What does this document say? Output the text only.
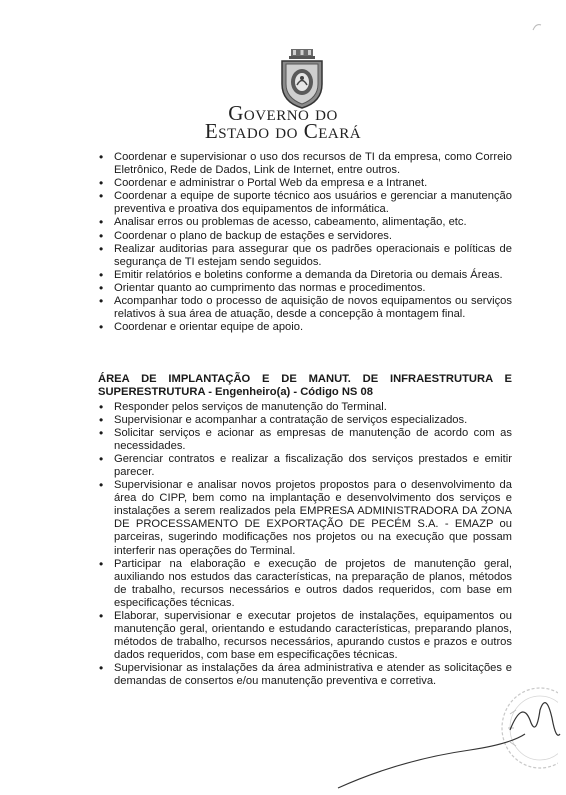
Governo do
Estado do Ceará
• Coordenar e supervisionar o uso dos recursos de TI da empresa, como Correio Eletrônico, Rede de Dados, Link de Internet, entre outros.
• Coordenar e administrar o Portal Web da empresa e a Intranet.
• Coordenar a equipe de suporte técnico aos usuários e gerenciar a manutenção preventiva e proativa dos equipamentos de informática.
• Analisar erros ou problemas de acesso, cabeamento, alimentação, etc.
• Coordenar o plano de backup de estações e servidores.
• Realizar auditorias para assegurar que os padrões operacionais e políticas de segurança de TI estejam sendo seguidos.
• Emitir relatórios e boletins conforme a demanda da Diretoria ou demais Áreas.
• Orientar quanto ao cumprimento das normas e procedimentos.
• Acompanhar todo o processo de aquisição de novos equipamentos ou serviços relativos à sua área de atuação, desde a concepção à montagem final.
• Coordenar e orientar equipe de apoio.
ÁREA DE IMPLANTAÇÃO E DE MANUT. DE INFRAESTRUTURA E
SUPERESTRUTURA - Engenheiro(a) - Código NS 08
• Responder pelos serviços de manutenção do Terminal.
• Supervisionar e acompanhar a contratação de serviços especializados.
• Solicitar serviços e acionar as empresas de manutenção de acordo com as necessidades.
• Gerenciar contratos e realizar a fiscalização dos serviços prestados e emitir parecer.
• Supervisionar e analisar novos projetos propostos para o desenvolvimento da área do CIPP, bem como na implantação e desenvolvimento dos serviços e instalações a serem realizados pela EMPRESA ADMINISTRADORA DA ZONA DE PROCESSAMENTO DE EXPORTAÇÃO DE PECÉM S.A. - EMAZP ou parceiras, sugerindo modificações nos projetos ou na execução que possam interferir nas operações do Terminal.
• Participar na elaboração e execução de projetos de manutenção geral, auxiliando nos estudos das características, na preparação de planos, métodos de trabalho, recursos necessários e outros dados requeridos, com base em especificações técnicas.
• Elaborar, supervisionar e executar projetos de instalações, equipamentos ou manutenção geral, orientando e estudando características, preparando planos, métodos de trabalho, recursos necessários, apurando custos e prazos e outros dados requeridos, com base em especificações técnicas.
• Supervisionar as instalações da área administrativa e atender as solicitações e demandas de consertos e/ou manutenção preventiva e corretiva.
